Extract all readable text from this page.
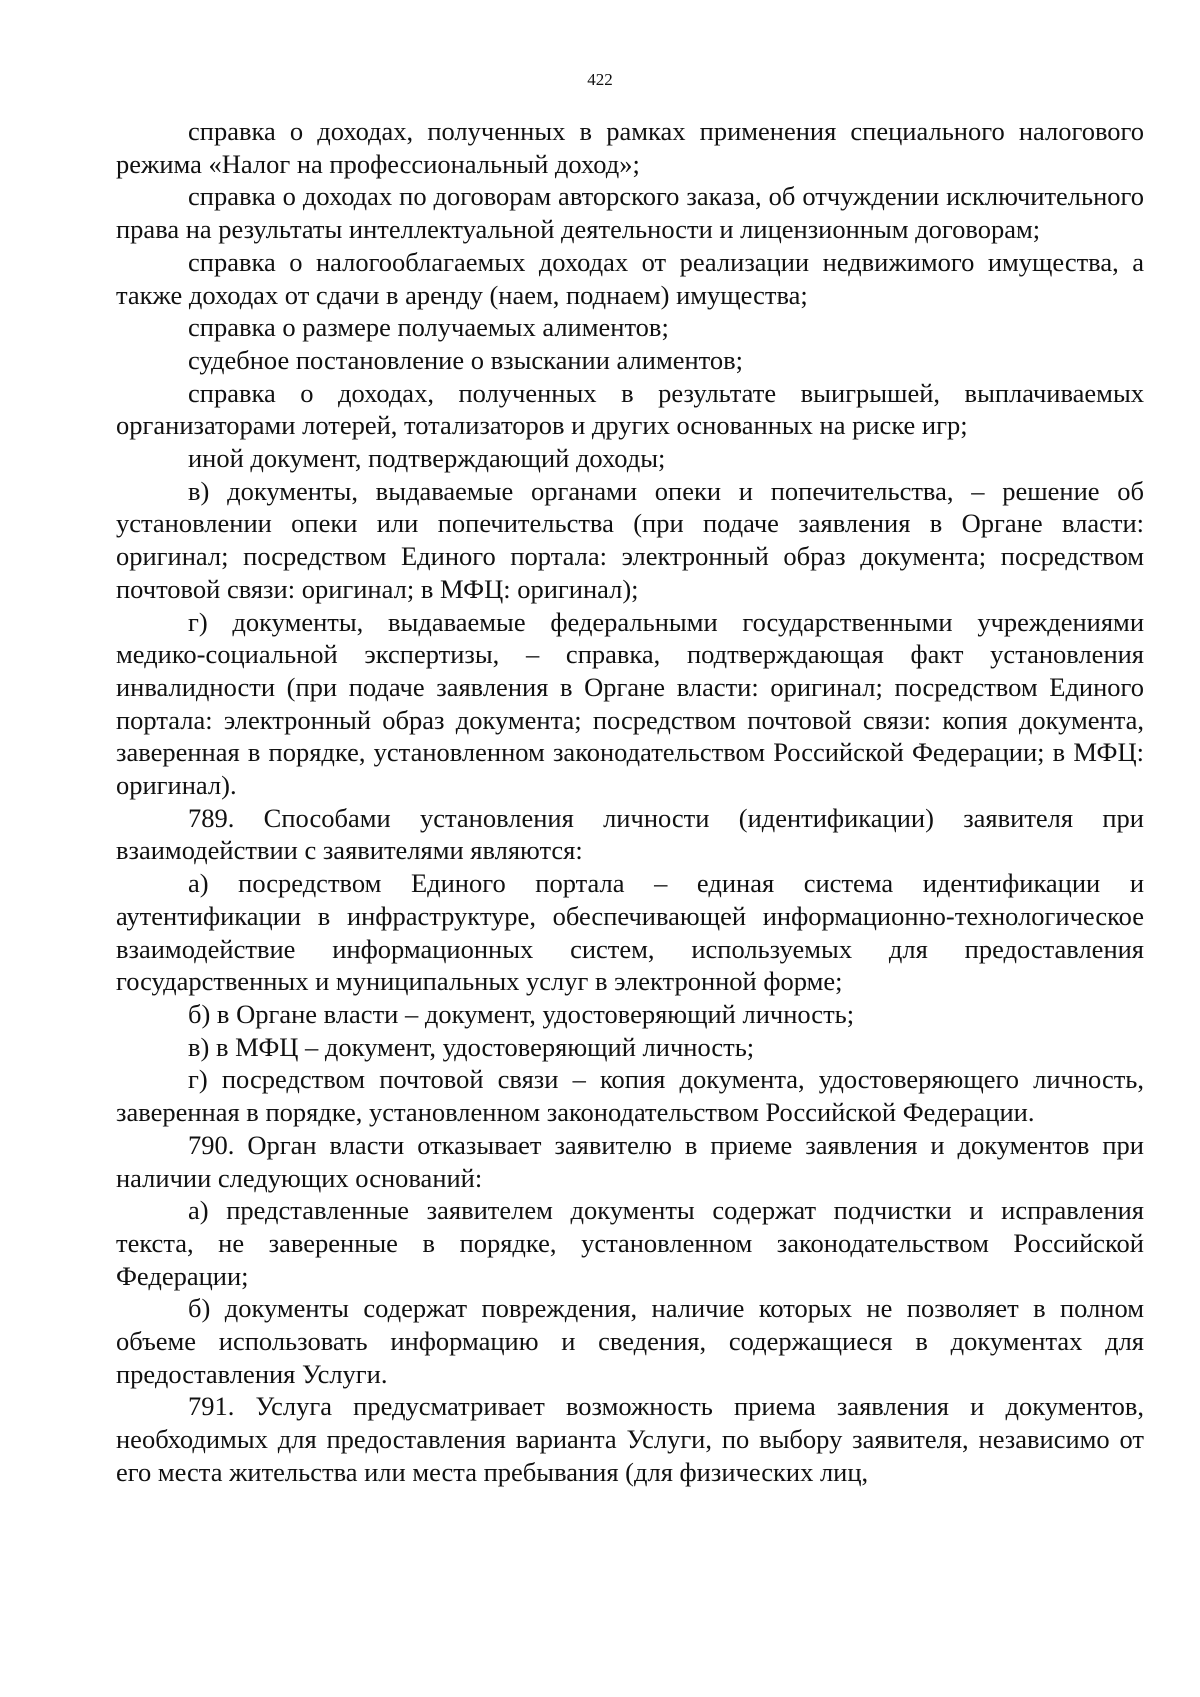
422

справка о доходах, полученных в рамках применения специального налогового режима «Налог на профессиональный доход»;

справка о доходах по договорам авторского заказа, об отчуждении исключительного права на результаты интеллектуальной деятельности и лицензионным договорам;

справка о налогооблагаемых доходах от реализации недвижимого имущества, а также доходах от сдачи в аренду (наем, поднаем) имущества;

справка о размере получаемых алиментов;

судебное постановление о взыскании алиментов;

справка о доходах, полученных в результате выигрышей, выплачиваемых организаторами лотерей, тотализаторов и других основанных на риске игр;

иной документ, подтверждающий доходы;

в) документы, выдаваемые органами опеки и попечительства, – решение об установлении опеки или попечительства (при подаче заявления в Органе власти: оригинал; посредством Единого портала: электронный образ документа; посредством почтовой связи: оригинал; в МФЦ: оригинал);

г) документы, выдаваемые федеральными государственными учреждениями медико-социальной экспертизы, – справка, подтверждающая факт установления инвалидности (при подаче заявления в Органе власти: оригинал; посредством Единого портала: электронный образ документа; посредством почтовой связи: копия документа, заверенная в порядке, установленном законодательством Российской Федерации; в МФЦ: оригинал).

789. Способами установления личности (идентификации) заявителя при взаимодействии с заявителями являются:

а) посредством Единого портала – единая система идентификации и аутентификации в инфраструктуре, обеспечивающей информационно-технологическое взаимодействие информационных систем, используемых для предоставления государственных и муниципальных услуг в электронной форме;

б) в Органе власти – документ, удостоверяющий личность;

в) в МФЦ – документ, удостоверяющий личность;

г) посредством почтовой связи – копия документа, удостоверяющего личность, заверенная в порядке, установленном законодательством Российской Федерации.

790. Орган власти отказывает заявителю в приеме заявления и документов при наличии следующих оснований:

а) представленные заявителем документы содержат подчистки и исправления текста, не заверенные в порядке, установленном законодательством Российской Федерации;

б) документы содержат повреждения, наличие которых не позволяет в полном объеме использовать информацию и сведения, содержащиеся в документах для предоставления Услуги.

791. Услуга предусматривает возможность приема заявления и документов, необходимых для предоставления варианта Услуги, по выбору заявителя, независимо от его места жительства или места пребывания (для физических лиц,
